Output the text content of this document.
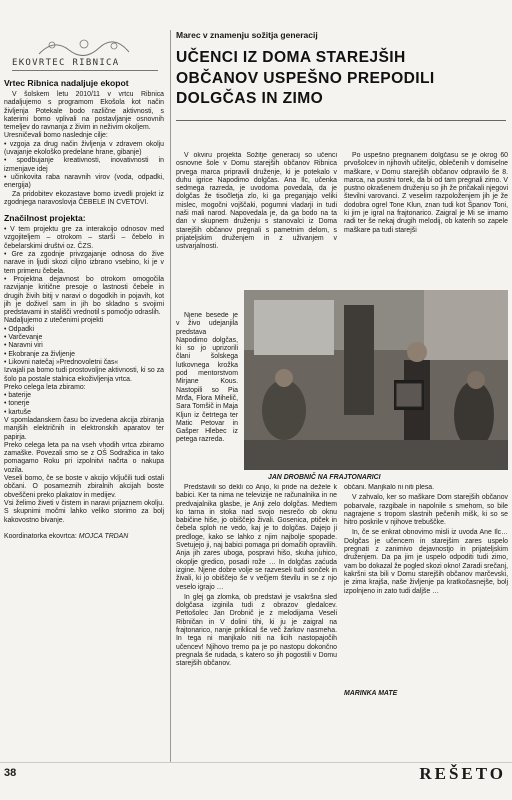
EKOVRTEC RIBNICA
Vrtec Ribnica nadaljuje ekopot

V šolskem letu 2010/11 v vrtcu Ribnica nadaljujemo s programom Ekošola kot način življenja Potekale bodo različne aktivnosti, s katerimi bomo vplivali na postavljanje osnovnih temeljev do ravnanja z živim in neživim okoljem.

Uresničevali bomo naslednje cilje:

• vzgoja za drug način življenja v zdravem okolju (uvajanje ekološko predelane hrane, gibanje)

• spodbujanje kreativnosti, inovativnosti in izmenjave idej

• učinkovita raba naravnih virov (voda, odpadki, energija)

Za pridobitev ekozastave bomo izvedli projekt iz zgodnjega naravoslovja ČEBELE IN CVETOVI.

Značilnost projekta:

• V tem projektu gre za interakcijo odnosov med vzgojiteljem – otrokom – starši – čebelo in čebelarskimi društvi oz. ČZS.

• Gre za zgodnje privzgajanje odnosa do žive narave in ljudi skozi ciljno izbrano vsebino, ki je v tem primeru čebela.

• Projektna dejavnost bo otrokom omogočila razvijanje kritične presoje o lastnosti čebele in drugih živih bitij v naravi o dogodkih in pojavih, kot jih je doživel sam in jih bo skladno s svojimi predstavami in stališči vrednotil s pomočjo odraslih.

Nadaljujemo z utečenimi projekti

• Odpadki

• Varčevanje

• Naravni viri

• Ekobranje za življenje

• Likovni natečaj »Prednovoletni čas«

Izvajali pa bomo tudi prostovoljne aktivnosti, ki so za šolo pa postale stalnica ekoživljenja vrtca.

Preko celega leta zbiramo:

• baterije

• tonerje

• kartuše

V spomladanskem času bo izvedena akcija zbiranja manjših električnih in elektronskih aparatov ter papirja.

Preko celega leta pa na vseh vhodih vrtca zbiramo zamaške. Povezali smo se z OŠ Sodražica in tako pomagamo Roku pri izpolnitvi načrta o nakupa vozila.

Veseli bomo, če se boste v akcijo vključili tudi ostali občani. O posameznih zbiralnih akcijah boste obveščeni preko plakatov in medijev.

Vsi želimo živeti v čistem in naravi prijaznem okolju. S skupnimi močmi lahko veliko storimo za bolj kakovostno bivanje.

Koordinatorka ekovrtca: MOJCA TRDAN
Marec v znamenju sožitja generacij
UČENCI IZ DOMA STAREJŠIH
OBČANOV USPEŠNO PREPODILI
DOLGČAS IN ZIMO

V okviru projekta Sožitje generacij so učenci osnovne šole v Domu starejših občanov Ribnica prvega marca pripravili druženje, ki je potekalo v duhu igrice Napodimo dolgčas. Ana Ilc, učenka sedmega razreda, je uvodoma povedala, da je dolgčas že tisočletja zlo, ki ga preganjajo veliki mislec, mogočni vojščaki, pogumni vladarji in tudi naši mali narod. Napovedala je, da ga bodo na ta dan v skupnem druženju s stanovalci iz Doma starejših občanov pregnali s pametnim delom, s prijateljskim druženjem in z uživanjem v ustvarjalnosti.

Njene besede je v živo udejanjila predstava Napodimo dolgčas, ki so jo uprizorili člani šolskega lutkovnega krožka pod mentorstvom Mirjane Kous. Nastopili so Pia Mrđa, Flora Mihelič, Sara Tomšič in Maja Kljun iz četrtega ter Matic Petovar in Gašper Hlebec iz petega razreda.

Po uspešno pregnanem dolgčasu se je okrog 60 prvošolcev in njihovih učiteljic, oblečenih v domiselne maškare, v Domu starejših občanov odpravilo še 8. marca, na pustni torek, da bi od tam pregnali zimo. V pustno okrašenem druženju so jih že pričakali njegovi številni varovanci. Z veselim razpoloženjem jih je že dodobra ogrel Tone Klun, znan tudi kot Španov Toni, ki jim je igral na frajtonarico. Zaigral je Mi se imamo radi ter še nekaj drugih melodij, ob katerih so zapele maškare pa tudi starejši

JAN DROBNIČ NA FRAJTONARICI

Predstavili so dekli co Anjo, ki pride na dežele k babici. Ker ta nima ne televizije ne računalnika in ne predvajalnika glasbe, je Anji zelo dolgčas. Medtem ko tarna in stoka nad svojo nesrečo ob oknu babičine hiše, jo obiščejo živali. Gosenica, ptiček in čebela sploh ne vedo, kaj je to dolgčas. Dajejo ji predloge, kako se lahko z njim najbolje spopade. Svetujejo ji, naj babici pomaga pri domačih opravilih. Anja jih zares uboga, pospravi hišo, skuha juhico, okoplje gredico, posadi rože … In dolgčas zaćuda izgine. Njene dobre volje se razveseli tudi sonček in živali, ki jo obiščejo še v večjem številu in se z njo veselo igrajo …

In glej ga zlomka, ob predstavi je vsakršna sled dolgčasa izginila tudi z obrazov gledalcev. Pettošolec Jan Drobnič je z melodijama Veseli Ribničan in V dolini tihi, ki ju je zaigral na frajtonarico, nanje priklical še več žarkov nasmeha. In tega ni manjkalo niti na licih nastopajočih učencev! Njihovo tremo pa je po nastopu dokončno pregnala še rudada, s katero so jih pogostili v Domu starejših občanov.

občani. Manjkalo ni niti plesa.

V zahvalo, ker so maškare Dom starejših občanov pobarvale, razgibale in napolnile s smehom, so bile nagrajene s tropom slastnih pečenih mišk, ki so se hitro poskrile v njihove trebuščke.

In, če se enkrat obnovimo misli iz uvoda Ane Ilc… Dolgčas je učencem in starejšim zares uspelo pregnati z zanimivo dejavnostjo in prijateljskim druženjem. Da pa jim je uspelo odpoditi tudi zimo, vam bo dokazal že pogled skozi okno! Zaradi srečanj, kakršni sta bili v Domu starejših občanov marčevski, je zima krajša, naše življenje pa kratkočasnejše, bolj izpolnjeno in zato tudi daljše …

MARINKA MATE
38	REŠETO
